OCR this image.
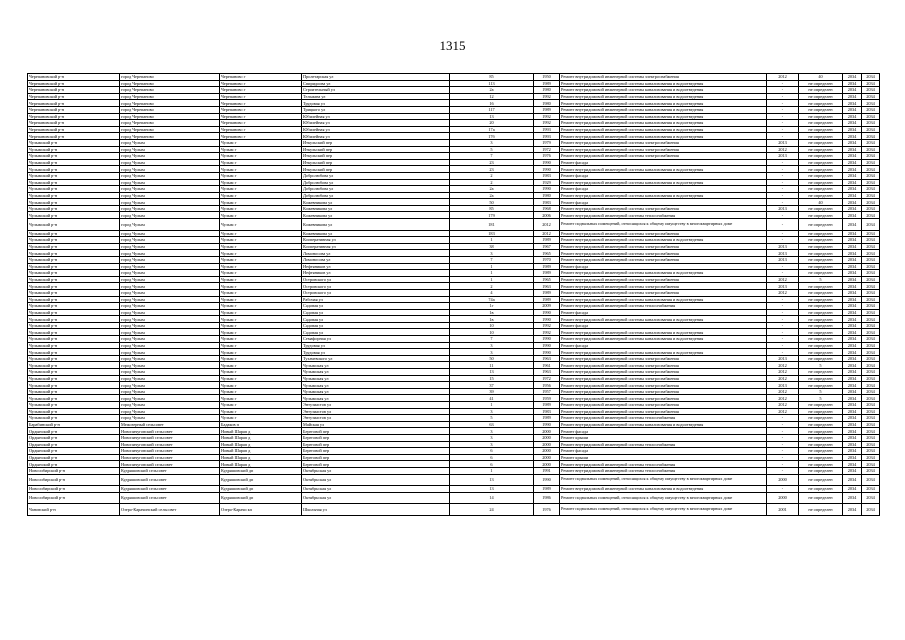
1315
Черепановский р-н	город Черепаново	Черепаново г	Пролетарская ул	85	1950	Ремонт внутридомовой инженерной системы электроснабжения	2012	40	2034	2034
Черепановский р-н	город Черепаново	Черепаново г	Спиридоова ул	113	1989	Ремонт внутридомовой инженерной системы канализования и водоотведения	-	не определен	2034	2034
Черепановский р-н	город Черепаново	Черепаново г	Строительный ул	2а	1980	Ремонт внутридомовой инженерной системы канализования и водоотведения	-	не определен	2034	2034
Черепановский р-н	город Черепаново	Черепаново г	Тельмана ул	12	1992	Ремонт внутридомовой инженерной системы канализования и водоотведения	-	не определен	2034	2034
Черепановский р-н	город Черепаново	Черепаново г	Трудовая ул	16	1980	Ремонт внутридомовой инженерной системы канализования и водоотведения	-	не определен	2034	2034
Черепановский р-н	город Черепаново	Черепаново г	Трицкого ул	117	1989	Ремонт внутридомовой инженерной системы канализования и водоотведения	-	не определен	2034	2034
Черепановский р-н	город Черепаново	Черепаново г	Юбилейная ул	13	1992	Ремонт внутридомовой инженерной системы канализования и водоотведения	-	не определен	2034	2034
Черепановский р-н	город Черепаново	Черепаново г	Юбилейная ул	20	1992	Ремонт внутридомовой инженерной системы канализования и водоотведения	-	не определен	2034	2034
Черепановский р-н	город Черепаново	Черепаново г	Юбилейная ул	17а	1993	Ремонт внутридомовой инженерной системы канализования и водоотведения	-	не определен	2034	2034
Черепановский р-н	город Черепаново	Черепаново г	Юбилейная ул	17б	1993	Ремонт внутридомовой инженерной системы канализования и водоотведения	-	не определен	2034	2034
Чулымский р-н	город Чулым	Чулым г	Иткульский пер	3	1979	Ремонт внутридомовой инженерной системы электроснабжения	2013	не определен	2034	2034
Чулымский р-н	город Чулым	Чулым г	Иткульский пер	5	1972	Ремонт внутридомовой инженерной системы электроснабжения	2012	не определен	2034	2034
Чулымский р-н	город Чулым	Чулым г	Иткульский пер	7	1976	Ремонт внутридомовой инженерной системы электроснабжения	2013	не определен	2034	2034
Чулымский р-н	город Чулым	Чулым г	Иткульский пер	23	1990	Ремонт фасада	-	не определен	2034	2034
Чулымский р-н	город Чулым	Чулым г	Иткульский пер	23	1990	Ремонт внутридомовой инженерной системы канализования и водоотведения	-	не определен	2034	2034
Чулымский р-н	город Чулым	Чулым г	Добролюбова ул	2	1983	Ремонт фасада	-	не определен	2034	2034
Чулымский р-н	город Чулым	Чулым г	Добролюбова ул	2	1929	Ремонт внутридомовой инженерной системы канализования и водоотведения	-	не определен	2034	2034
Чулымский р-н	город Чулым	Чулым г	Добролюбова ул	2а	1990	Ремонт фасада	-	не определен	2034	2034
Чулымский р-н	город Чулым	Чулым г	Добролюбова ул	2а	1980	Ремонт внутридомовой инженерной системы канализования и водоотведения	-	не определен	2034	2034
Чулымский р-н	город Чулым	Чулым г	Кожевникова ул	50	1983	Ремонт фасада	-	40	2034	2034
Чулымский р-н	город Чулым	Чулым г	Кожевникова ул	85	1968	Ремонт внутридомовой инженерной системы электроснабжения	2013	не определен	2034	2034
Чулымский р-н	город Чулым	Чулым г	Кожевникова ул	179	2006	Ремонт внутридомовой инженерной системы теплоснабжения	-	не определен	2034	2034
Чулымский р-н	город Чулым	Чулым г	Кожевникова ул	181	2012	Ремонт подвальных помещений, относящихся к общему имуществу в многоквартирных доме	-	не определен	2034	2034
Чулымский р-н	город Чулым	Чулым г	Кожевникова ул	183	2012	Ремонт внутридомовой инженерной системы электроснабжения	-	не определен	2034	2034
Чулымский р-н	город Чулым	Чулым г	Кооперативная ул	1	1989	Ремонт внутридомовой инженерной системы канализования и водоотведения	-	не определен	2034	2034
Чулымский р-н	город Чулым	Чулым г	Кооперативная ул	38	1967	Ремонт внутридомовой инженерной системы электроснабжения	2013	не определен	2034	2034
Чулымский р-н	город Чулым	Чулым г	Ломоносова ул	3	1965	Ремонт внутридомовой инженерной системы электроснабжения	2013	не определен	2034	2034
Чулымский р-н	город Чулым	Чулым г	Ломоносова ул	7	1970	Ремонт внутридомовой инженерной системы электроснабжения	2013	не определен	2034	2034
Чулымский р-н	город Чулым	Чулым г	Нефтяников ул	1	1989	Ремонт фасада	-	не определен	2034	2034
Чулымский р-н	город Чулым	Чулым г	Нефтяников ул	1	1989	Ремонт внутридомовой инженерной системы канализования и водоотведения	-	не определен	2034	2034
Чулымский р-н	город Чулым	Чулым г	Островского ул	1	1965	Ремонт внутридомовой инженерной системы электроснабжения	2012	5	2034	2034
Чулымский р-н	город Чулым	Чулым г	Островского ул	2	1963	Ремонт внутридомовой инженерной системы электроснабжения	2013	не определен	2034	2034
Чулымский р-н	город Чулым	Чулым г	Островского ул	4	1989	Ремонт внутридомовой инженерной системы электроснабжения	2012	не определен	2034	2034
Чулымский р-н	город Чулым	Чулым г	Рабочая ул	74а	1989	Ремонт внутридомовой инженерной системы канализования и водоотведения	-	не определен	2034	2034
Чулымский р-н	город Чулым	Чулым г	Садовая ул	1г	2009	Ремонт внутридомовой инженерной системы теплоснабжения	-	не определен	2034	2034
Чулымский р-н	город Чулым	Чулым г	Садовая ул	1в	1990	Ремонт фасада	-	не определен	2034	2034
Чулымский р-н	город Чулым	Чулым г	Садовая ул	1в	1990	Ремонт внутридомовой инженерной системы канализования и водоотведения	-	не определен	2034	2034
Чулымский р-н	город Чулым	Чулым г	Садовая ул	10	1992	Ремонт фасада	-	не определен	2034	2034
Чулымский р-н	город Чулым	Чулым г	Садовая ул	10	1992	Ремонт внутридомовой инженерной системы канализования и водоотведения	-	не определен	2034	2034
Чулымский р-н	город Чулым	Чулым г	Семафорная ул	7	1990	Ремонт внутридомовой инженерной системы канализования и водоотведения	-	не определен	2034	2034
Чулымский р-н	город Чулым	Чулым г	Трудовая ул	3	1990	Ремонт фасада	-	не определен	2034	2034
Чулымский р-н	город Чулым	Чулым г	Трудовая ул	3	1990	Ремонт внутридомовой инженерной системы канализования и водоотведения	-	не определен	2034	2034
Чулымский р-н	город Чулым	Чулым г	Тухачевского ул	50	1963	Ремонт внутридомовой инженерной системы электроснабжения	2013	не определен	2034	2034
Чулымский р-н	город Чулым	Чулым г	Чулымская ул	11	1961	Ремонт внутридомовой инженерной системы электроснабжения	2012	5	2034	2034
Чулымский р-н	город Чулым	Чулым г	Чулымская ул	13	1963	Ремонт внутридомовой инженерной системы электроснабжения	2012	не определен	2034	2034
Чулымский р-н	город Чулым	Чулым г	Чулымская ул	15	1972	Ремонт внутридомовой инженерной системы электроснабжения	2012	не определен	2034	2034
Чулымский р-н	город Чулым	Чулым г	Чулымская ул	37	1956	Ремонт внутридомовой инженерной системы электроснабжения	2013	не определен	2034	2034
Чулымский р-н	город Чулым	Чулым г	Чулымская ул	39	1957	Ремонт внутридомовой инженерной системы электроснабжения	2012	5	2034	2034
Чулымский р-н	город Чулым	Чулым г	Чулымская ул	41	1959	Ремонт внутридомовой инженерной системы электроснабжения	2012	5	2034	2034
Чулымский р-н	город Чулым	Чулым г	Энтузиастов ул	1	1989	Ремонт внутридомовой инженерной системы электроснабжения	2012	не определен	2034	2034
Чулымский р-н	город Чулым	Чулым г	Энтузиастов ул	3	1983	Ремонт внутридомовой инженерной системы электроснабжения	2012	не определен	2034	2034
Чулымский р-н	город Чулым	Чулым г	Энтузиастов ул	5	1989	Ремонт внутридомовой инженерной системы теплоснабжения	-	не определен	2034	2034
Барабинский р-н	Межозерный сельсовет	Бадаков п	Майская ул	63	1990	Ремонт внутридомовой инженерной системы канализования и водоотведения	-	не определен	2034	2034
Ордынский р-н	Новопичуговский сельсовет	Новый Шарап д	Береговой пер	3	2000	Ремонт фасада	-	не определен	2034	2034
Ордынский р-н	Новопичуговский сельсовет	Новый Шарап д	Береговой пер	3	2000	Ремонт крыши	-	не определен	2034	2034
Ордынский р-н	Новопичуговский сельсовет	Новый Шарап д	Береговой пер	3	2000	Ремонт внутридомовой инженерной системы теплоснабжения	-	не определен	2034	2034
Ордынский р-н	Новопичуговский сельсовет	Новый Шарап д	Береговой пер	6	2000	Ремонт фасада	-	не определен	2034	2034
Ордынский р-н	Новопичуговский сельсовет	Новый Шарап д	Береговой пер	6	2000	Ремонт крыши	-	не определен	2034	2034
Ордынский р-н	Новопичуговский сельсовет	Новый Шарап д	Береговой пер	6	2000	Ремонт внутридомовой инженерной системы теплоснабжения	-	не определен	2034	2034
Новосибирский р-н	Кудряшовский сельсовет	Кудряшовский дп	Октябрьская ул	1	1991	Ремонт внутридомовой инженерной системы теплоснабжения	-	не определен	2034	2034
Новосибирский р-н	Кудряшовский сельсовет	Кудряшовский дп	Октябрьская ул	13	1990	Ремонт подвальных помещений, относящихся к общему имуществу в многоквартирных доме	2000	не определен	2034	2034
Новосибирский р-н	Кудряшовский сельсовет	Кудряшовский дп	Октябрьская ул	13	1989	Ремонт внутридомовой инженерной системы канализования и водоотведения	-	не определен	2034	2034
Новосибирский р-н	Кудряшовский сельсовет	Кудряшовский дп	Октябрьская ул	14	1986	Ремонт подвальных помещений, относящихся к общему имуществу в многоквартирных доме	2000	не определен	2034	2034
Чановский р-н	Озеро-Карачинский сельсовет	Озеро-Карачи кп	Школьная ул	24	1976	Ремонт подвальных помещений, относящихся к общему имуществу в многоквартирных доме	2001	не определен	2034	2034
